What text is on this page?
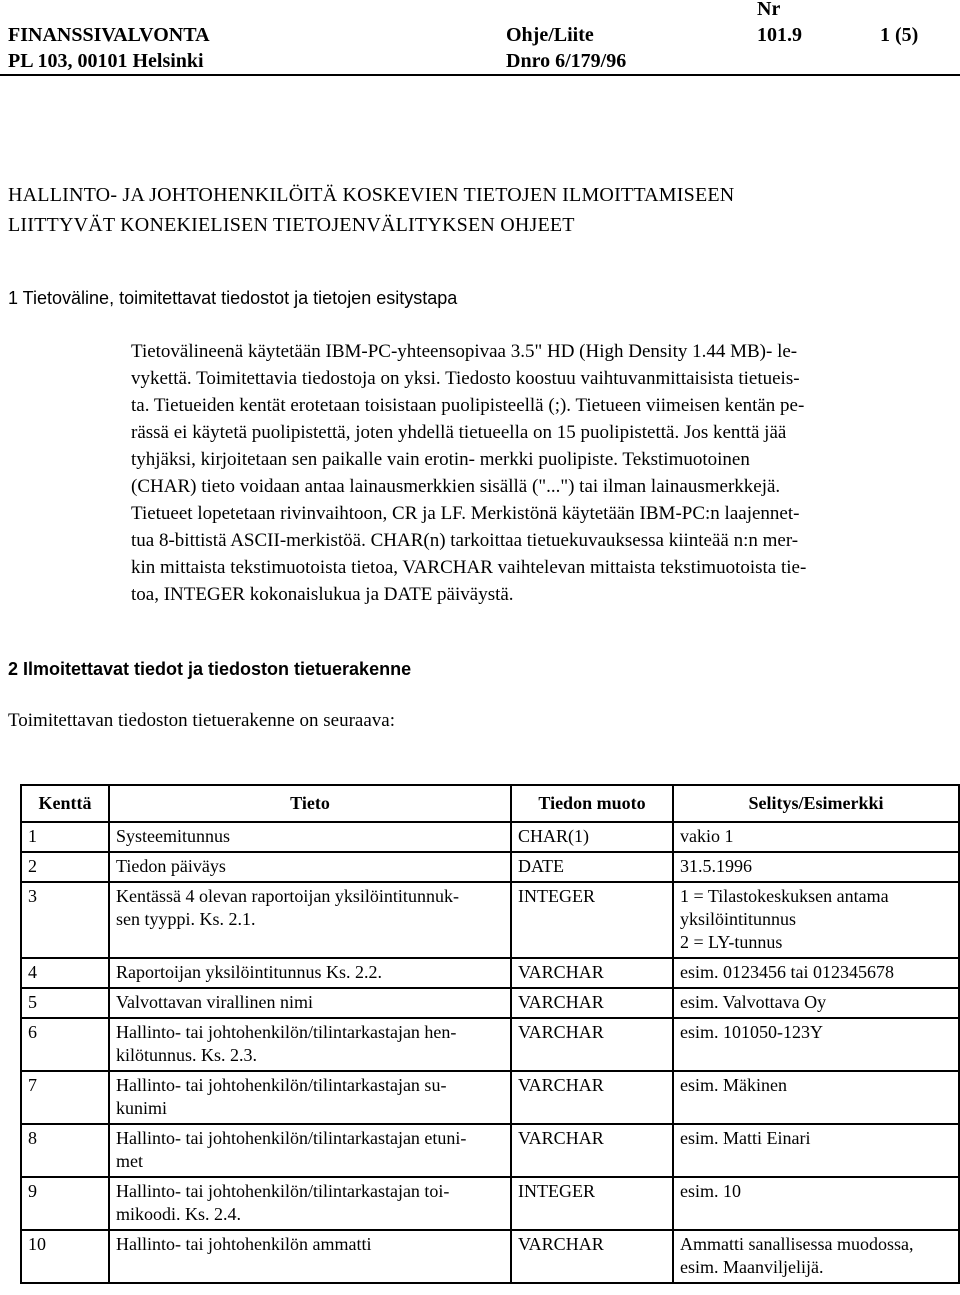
FINANSSIVALVONTA
PL 103, 00101 Helsinki
Ohje/Liite
Dnro 6/179/96
Nr
101.9	1 (5)
HALLINTO- JA JOHTOHENKILÖITÄ KOSKEVIEN TIETOJEN ILMOITTAMISEEN
LIITTYVÄT KONEKIELISEN TIETOJENVÄLITYKSEN OHJEET
1 Tietoväline, toimitettavat tiedostot ja tietojen esitystapa
Tietovälineenä käytetään IBM-PC-yhteensopivaa 3.5" HD (High Density 1.44 MB)- le-
vykettä. Toimitettavia tiedostoja on yksi. Tiedosto koostuu vaihtuvanmittaisista tietueis-
ta. Tietueiden kentät erotetaan toisistaan puolipisteellä (;). Tietueen viimeisen kentän pe-
rässä ei käytetä puolipistettä, joten yhdellä tietueella on 15 puolipistettä. Jos kenttä jää
tyhjäksi, kirjoitetaan sen paikalle vain erotin- merkki puolipiste. Tekstimuotoinen
(CHAR) tieto voidaan antaa lainausmerkkien sisällä ("...") tai ilman lainausmerkkejä.
Tietueet lopetetaan rivinvaihtoon, CR ja LF. Merkistönä käytetään IBM-PC:n laajennet-
tua 8-bittistä ASCII-merkistöä. CHAR(n) tarkoittaa tietuekuvauksessa kiinteää n:n mer-
kin mittaista tekstimuotoista tietoa, VARCHAR vaihtelevan mittaista tekstimuotoista tie-
toa, INTEGER kokonaislukua ja DATE päiväystä.
2 Ilmoitettavat tiedot ja tiedoston tietuerakenne
Toimitettavan tiedoston tietuerakenne on seuraava:
Kenttä	Tieto	Tiedon muoto	Selitys/Esimerkki
1	Systeemitunnus	CHAR(1)	vakio 1
2	Tiedon päiväys	DATE	31.5.1996
3	Kentässä 4 olevan raportoijan yksilöintitunnuk-
sen tyyppi. Ks. 2.1.	INTEGER	1 = Tilastokeskuksen antama
yksilöintitunnus
2 = LY-tunnus
4	Raportoijan yksilöintitunnus Ks. 2.2.	VARCHAR	esim. 0123456 tai 012345678
5	Valvottavan virallinen nimi	VARCHAR	esim. Valvottava Oy
6	Hallinto- tai johtohenkilön/tilintarkastajan hen-
kilötunnus. Ks. 2.3.	VARCHAR	esim. 101050-123Y
7	Hallinto- tai johtohenkilön/tilintarkastajan su-
kunimi	VARCHAR	esim. Mäkinen
8	Hallinto- tai johtohenkilön/tilintarkastajan etuni-
met	VARCHAR	esim. Matti Einari
9	Hallinto- tai johtohenkilön/tilintarkastajan toi-
mikoodi. Ks. 2.4.	INTEGER	esim. 10
10	Hallinto- tai johtohenkilön ammatti	VARCHAR	Ammatti sanallisessa muodossa,
esim. Maanviljelijä.
